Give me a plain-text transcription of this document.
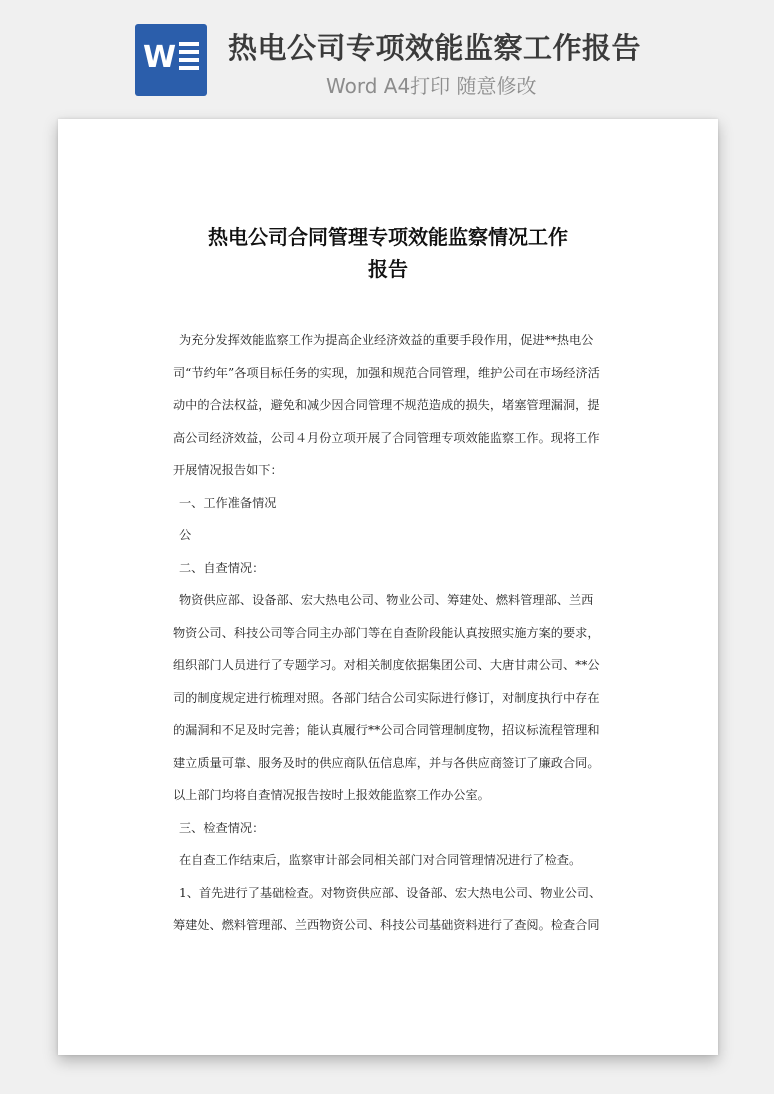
W 热电公司专项效能监察工作报告
Word A4打印 随意修改

热电公司合同管理专项效能监察情况工作
报告

为充分发挥效能监察工作为提高企业经济效益的重要手段作用，促进**热电公司“节约年”各项目标任务的实现，加强和规范合同管理，维护公司在市场经济活动中的合法权益，避免和减少因合同管理不规范造成的损失，堵塞管理漏洞，提高公司经济效益，公司４月份立项开展了合同管理专项效能监察工作。现将工作开展情况报告如下：

一、工作准备情况

公

二、自查情况：

物资供应部、设备部、宏大热电公司、物业公司、筹建处、燃料管理部、兰西物资公司、科技公司等合同主办部门等在自查阶段能认真按照实施方案的要求，组织部门人员进行了专题学习。对相关制度依据集团公司、大唐甘肃公司、**公司的制度规定进行梳理对照。各部门结合公司实际进行修订，对制度执行中存在的漏洞和不足及时完善；能认真履行**公司合同管理制度物，招议标流程管理和建立质量可靠、服务及时的供应商队伍信息库，并与各供应商签订了廉政合同。以上部门均将自查情况报告按时上报效能监察工作办公室。

三、检查情况：

在自查工作结束后，监察审计部会同相关部门对合同管理情况进行了检查。

1、首先进行了基础检查。对物资供应部、设备部、宏大热电公司、物业公司、筹建处、燃料管理部、兰西物资公司、科技公司基础资料进行了查阅。检查合同
